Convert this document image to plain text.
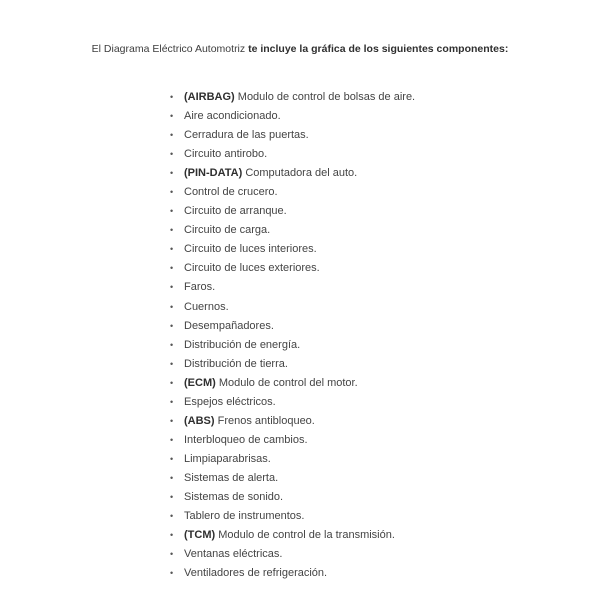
El Diagrama Eléctrico Automotriz te incluye la gráfica de los siguientes componentes:
• (AIRBAG) Modulo de control de bolsas de aire.
• Aire acondicionado.
• Cerradura de las puertas.
• Circuito antirobo.
• (PIN-DATA) Computadora del auto.
• Control de crucero.
• Circuito de arranque.
• Circuito de carga.
• Circuito de luces interiores.
• Circuito de luces exteriores.
• Faros.
• Cuernos.
• Desempañadores.
• Distribución de energía.
• Distribución de tierra.
• (ECM) Modulo de control del motor.
• Espejos eléctricos.
• (ABS) Frenos antibloqueo.
• Interbloqueo de cambios.
• Limpiaparabrisas.
• Sistemas de alerta.
• Sistemas de sonido.
• Tablero de instrumentos.
• (TCM) Modulo de control de la transmisión.
• Ventanas eléctricas.
• Ventiladores de refrigeración.
